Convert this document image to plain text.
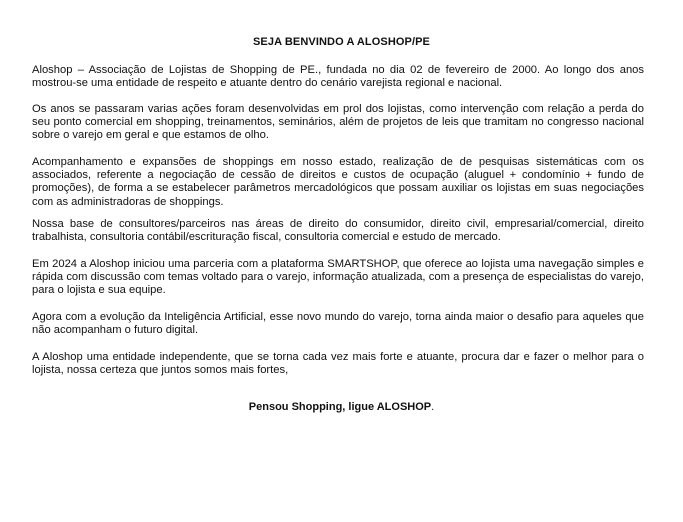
SEJA BENVINDO A ALOSHOP/PE

Aloshop – Associação de Lojistas de Shopping de PE., fundada no dia 02 de fevereiro de 2000. Ao longo dos anos mostrou-se uma entidade de respeito e atuante dentro do cenário varejista regional e nacional.

Os anos se passaram varias ações foram desenvolvidas em prol dos lojistas, como intervenção com relação a perda do seu ponto comercial em shopping, treinamentos, seminários, além de projetos de leis que tramitam no congresso nacional sobre o varejo em geral e que estamos de olho.

Acompanhamento e expansões de shoppings em nosso estado, realização de de pesquisas sistemáticas com os associados, referente a negociação de cessão de direitos e custos de ocupação (aluguel + condomínio + fundo de promoções), de forma a se estabelecer parâmetros mercadológicos que possam auxiliar os lojistas em suas negociações com as administradoras de shoppings.

Nossa base de consultores/parceiros nas áreas de direito do consumidor, direito civil, empresarial/comercial, direito trabalhista, consultoria contábil/escrituração fiscal, consultoria comercial e estudo de mercado.

Em 2024 a Aloshop iniciou uma parceria com a plataforma SMARTSHOP, que oferece ao lojista uma navegação simples e rápida com discussão com temas voltado para o varejo, informação atualizada, com a presença de especialistas do varejo, para o lojista e sua equipe.

Agora com a evolução da Inteligência Artificial, esse novo mundo do varejo, torna ainda maior o desafio para aqueles que não acompanham o futuro digital.

A Aloshop uma entidade independente, que se torna cada vez mais forte e atuante, procura dar e fazer o melhor para o lojista, nossa certeza que juntos somos mais fortes,

Pensou Shopping, ligue ALOSHOP.
